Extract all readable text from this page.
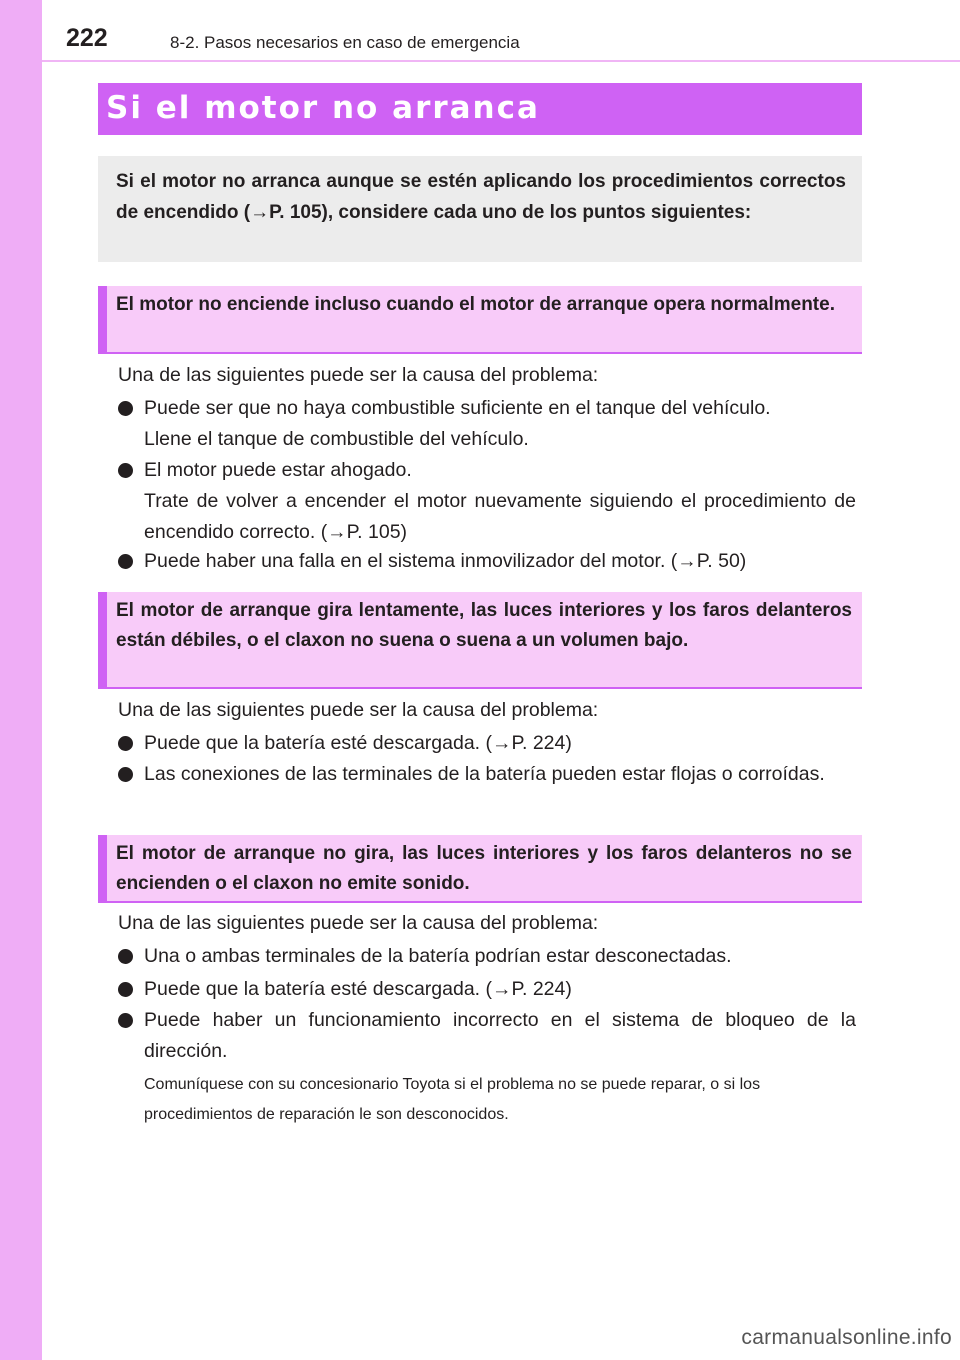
222	8-2. Pasos necesarios en caso de emergencia
Si el motor no arranca

Si el motor no arranca aunque se estén aplicando los procedimientos correctos de encendido (→P. 105), considere cada uno de los puntos siguientes:

El motor no enciende incluso cuando el motor de arranque opera normalmente.

Una de las siguientes puede ser la causa del problema:

Puede ser que no haya combustible suficiente en el tanque del vehículo.
Llene el tanque de combustible del vehículo.
El motor puede estar ahogado.
Trate de volver a encender el motor nuevamente siguiendo el procedimiento de encendido correcto. (→P. 105)
Puede haber una falla en el sistema inmovilizador del motor. (→P. 50)

El motor de arranque gira lentamente, las luces interiores y los faros delanteros están débiles, o el claxon no suena o suena a un volumen bajo.

Una de las siguientes puede ser la causa del problema:

Puede que la batería esté descargada. (→P. 224)
Las conexiones de las terminales de la batería pueden estar flojas o corroídas.

El motor de arranque no gira, las luces interiores y los faros delanteros no se encienden o el claxon no emite sonido.

Una de las siguientes puede ser la causa del problema:

Una o ambas terminales de la batería podrían estar desconectadas.
Puede que la batería esté descargada. (→P. 224)
Puede haber un funcionamiento incorrecto en el sistema de bloqueo de la dirección.
Comuníquese con su concesionario Toyota si el problema no se puede reparar, o si los procedimientos de reparación le son desconocidos.
carmanualsonline.info
